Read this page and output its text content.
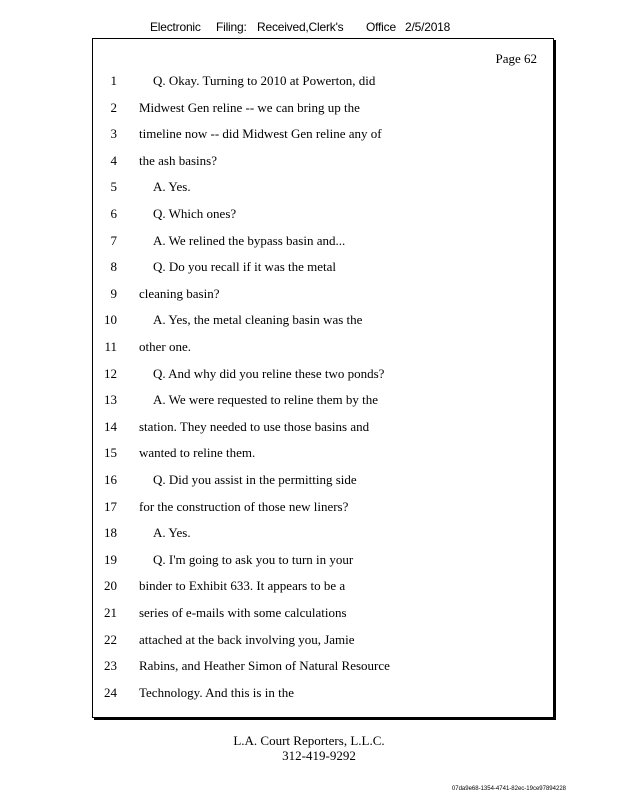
Electronic Filing: Received,Clerk's Office 2/5/2018
Page 62
1	Q. Okay. Turning to 2010 at Powerton, did
2 Midwest Gen reline -- we can bring up the
3 timeline now -- did Midwest Gen reline any of
4 the ash basins?
5	A. Yes.
6	Q. Which ones?
7	A. We relined the bypass basin and...
8	Q. Do you recall if it was the metal
9 cleaning basin?
10	A. Yes, the metal cleaning basin was the
11 other one.
12	Q. And why did you reline these two ponds?
13	A. We were requested to reline them by the
14 station. They needed to use those basins and
15 wanted to reline them.
16	Q. Did you assist in the permitting side
17 for the construction of those new liners?
18	A. Yes.
19	Q. I'm going to ask you to turn in your
20 binder to Exhibit 633. It appears to be a
21 series of e-mails with some calculations
22 attached at the back involving you, Jamie
23 Rabins, and Heather Simon of Natural Resource
24 Technology. And this is in the
L.A. Court Reporters, L.L.C.
312-419-9292
07da9e68-1354-4741-82ec-19ce97894228
